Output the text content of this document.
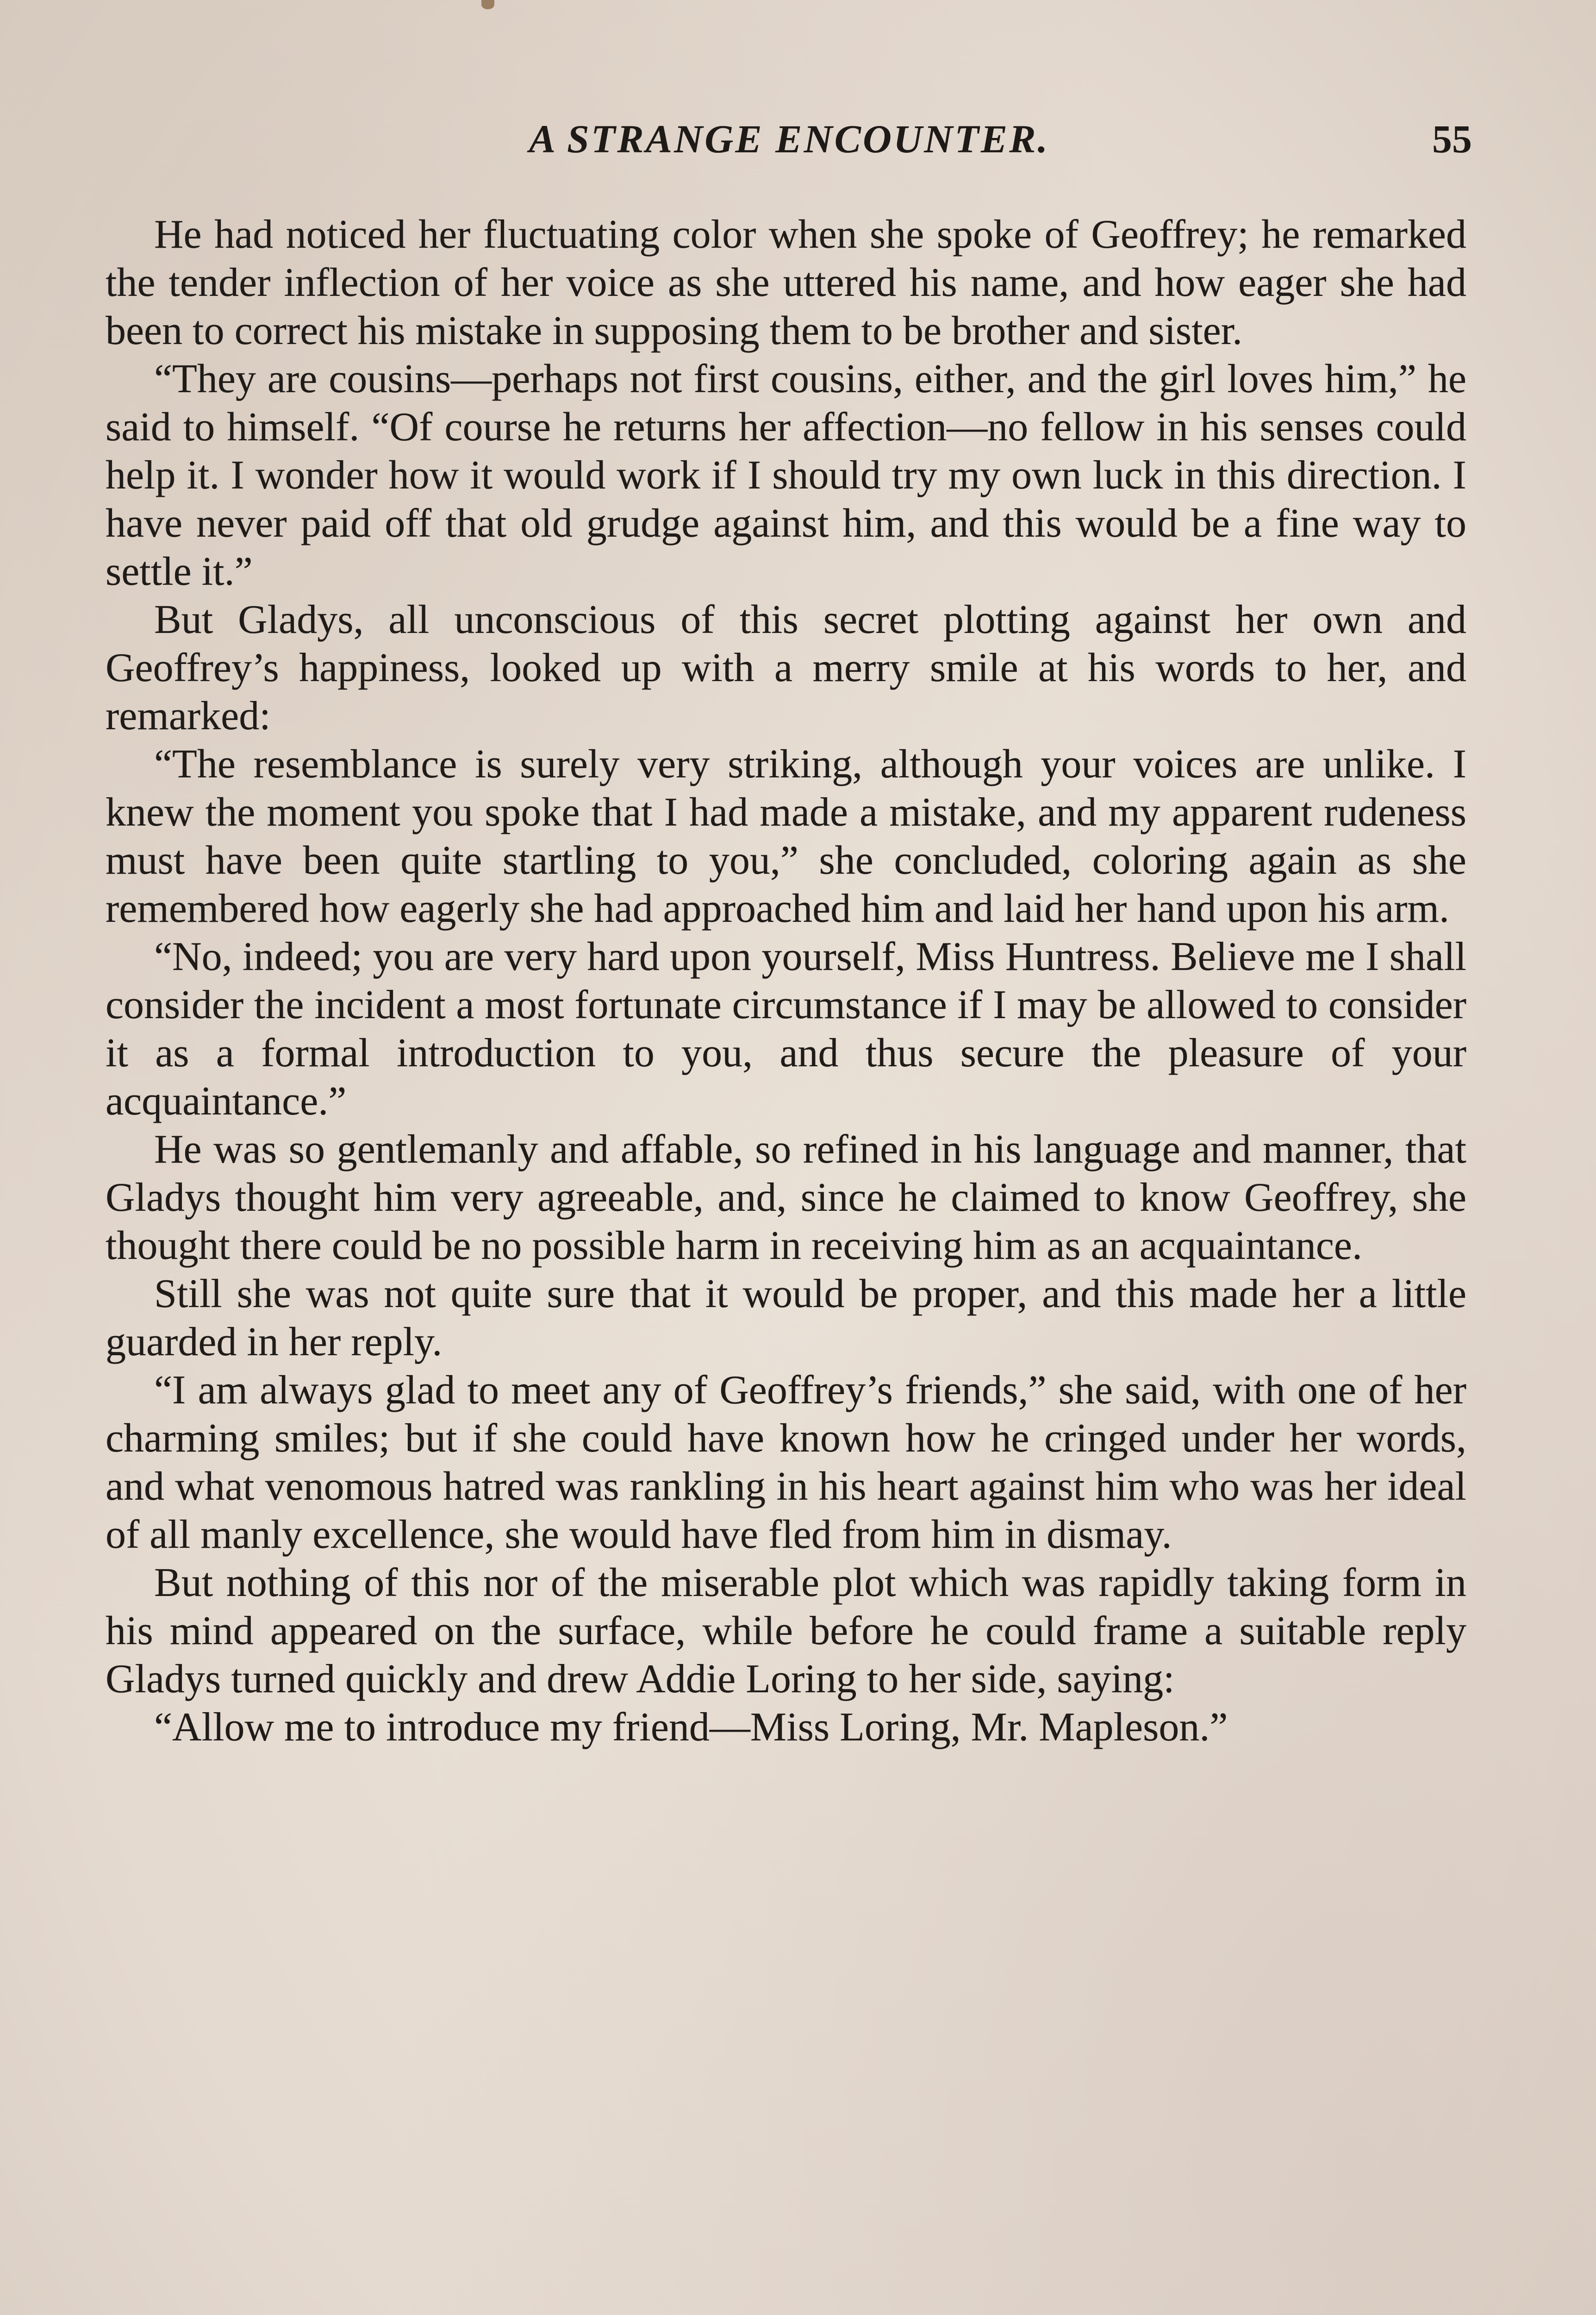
A STRANGE ENCOUNTER.	55

He had noticed her fluctuating color when she spoke of Geoffrey; he remarked the tender inflection of her voice as she uttered his name, and how eager she had been to correct his mistake in supposing them to be brother and sister.

“They are cousins—perhaps not first cousins, either, and the girl loves him,” he said to himself. “Of course he returns her affection—no fellow in his senses could help it. I wonder how it would work if I should try my own luck in this direction. I have never paid off that old grudge against him, and this would be a fine way to settle it.”

But Gladys, all unconscious of this secret plotting against her own and Geoffrey’s happiness, looked up with a merry smile at his words to her, and remarked:

“The resemblance is surely very striking, although your voices are unlike. I knew the moment you spoke that I had made a mistake, and my apparent rudeness must have been quite startling to you,” she concluded, coloring again as she remembered how eagerly she had approached him and laid her hand upon his arm.

“No, indeed; you are very hard upon yourself, Miss Huntress. Believe me I shall consider the incident a most fortunate circumstance if I may be allowed to consider it as a formal introduction to you, and thus secure the pleasure of your acquaintance.”

He was so gentlemanly and affable, so refined in his language and manner, that Gladys thought him very agreeable, and, since he claimed to know Geoffrey, she thought there could be no possible harm in receiving him as an acquaintance.

Still she was not quite sure that it would be proper, and this made her a little guarded in her reply.

“I am always glad to meet any of Geoffrey’s friends,” she said, with one of her charming smiles; but if she could have known how he cringed under her words, and what venomous hatred was rankling in his heart against him who was her ideal of all manly excellence, she would have fled from him in dismay.

But nothing of this nor of the miserable plot which was rapidly taking form in his mind appeared on the surface, while before he could frame a suitable reply Gladys turned quickly and drew Addie Loring to her side, saying:

“Allow me to introduce my friend—Miss Loring, Mr. Mapleson.”
